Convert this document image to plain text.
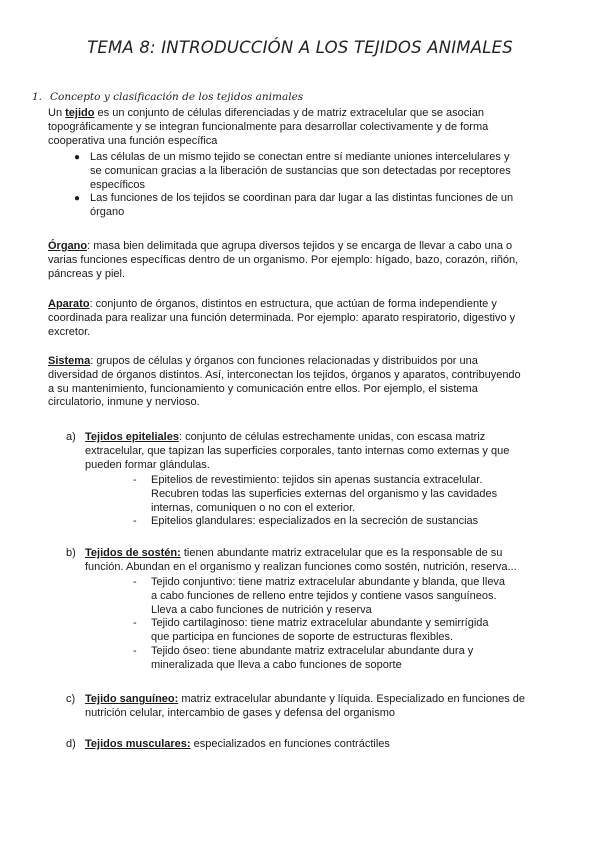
TEMA 8: INTRODUCCIÓN A LOS TEJIDOS ANIMALES
1. Concepto y clasificación de los tejidos animales
Un tejido es un conjunto de células diferenciadas y de matriz extracelular que se asocian topográficamente y se integran funcionalmente para desarrollar colectivamente y de forma cooperativa una función específica
● Las células de un mismo tejido se conectan entre sí mediante uniones intercelulares y se comunican gracias a la liberación de sustancias que son detectadas por receptores específicos
● Las funciones de los tejidos se coordinan para dar lugar a las distintas funciones de un órgano
Órgano: masa bien delimitada que agrupa diversos tejidos y se encarga de llevar a cabo una o varias funciones específicas dentro de un organismo. Por ejemplo: hígado, bazo, corazón, riñón, páncreas y piel.
Aparato: conjunto de órganos, distintos en estructura, que actúan de forma independiente y coordinada para realizar una función determinada. Por ejemplo: aparato respiratorio, digestivo y excretor.
Sistema: grupos de células y órganos con funciones relacionadas y distribuidos por una diversidad de órganos distintos. Así, interconectan los tejidos, órganos y aparatos, contribuyendo a su mantenimiento, funcionamiento y comunicación entre ellos. Por ejemplo, el sistema circulatorio, inmune y nervioso.
a) Tejidos epiteliales: conjunto de células estrechamente unidas, con escasa matriz extracelular, que tapizan las superficies corporales, tanto internas como externas y que pueden formar glándulas.
- Epitelios de revestimiento: tejidos sin apenas sustancia extracelular. Recubren todas las superficies externas del organismo y las cavidades internas, comuniquen o no con el exterior.
- Epitelios glandulares: especializados en la secreción de sustancias
b) Tejidos de sostén: tienen abundante matriz extracelular que es la responsable de su función. Abundan en el organismo y realizan funciones como sostén, nutrición, reserva...
- Tejido conjuntivo: tiene matriz extracelular abundante y blanda, que lleva a cabo funciones de relleno entre tejidos y contiene vasos sanguíneos. Lleva a cabo funciones de nutrición y reserva
- Tejido cartilaginoso: tiene matriz extracelular abundante y semirrígida que participa en funciones de soporte de estructuras flexibles.
- Tejido óseo: tiene abundante matriz extracelular abundante dura y mineralizada que lleva a cabo funciones de soporte
c) Tejido sanguíneo: matriz extracelular abundante y líquida. Especializado en funciones de nutrición celular, intercambio de gases y defensa del organismo
d) Tejidos musculares: especializados en funciones contráctiles
